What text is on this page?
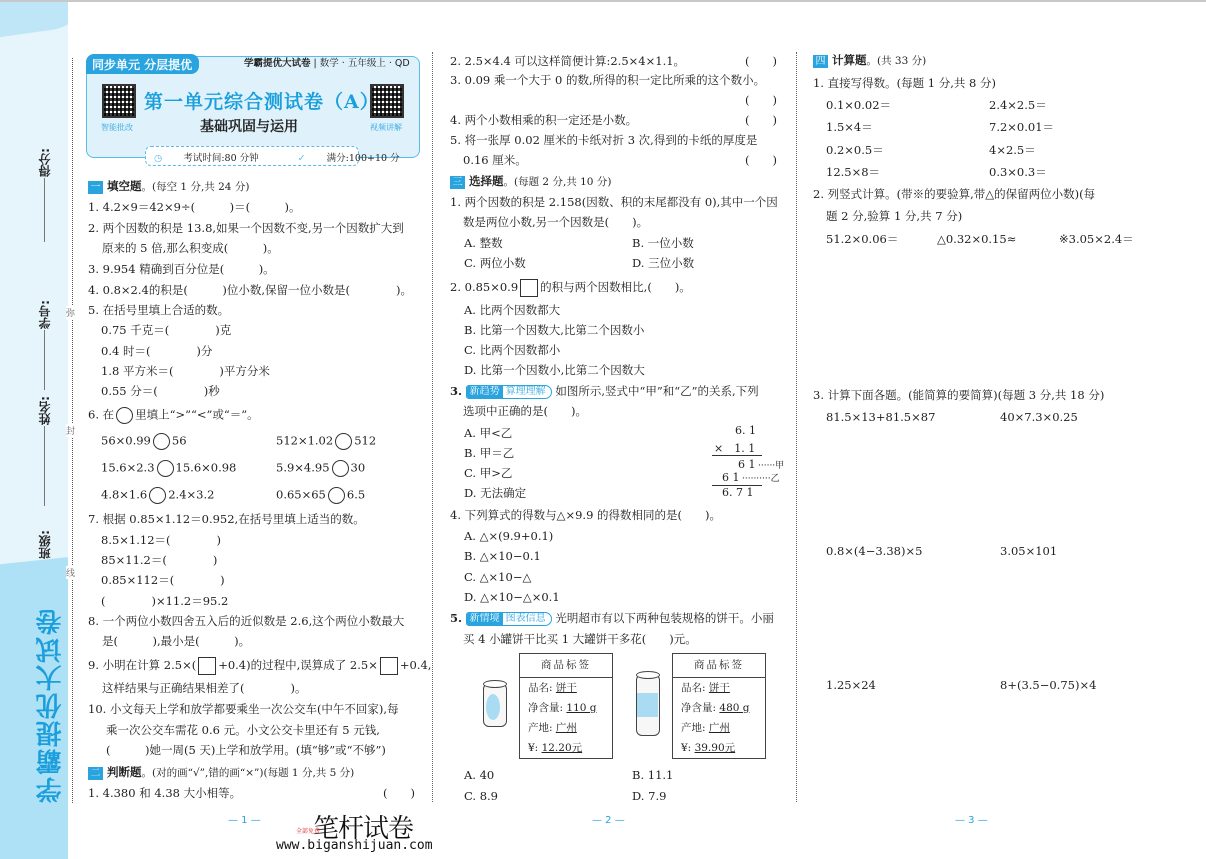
学霸提优大试卷
得分:
学号:
姓名:
班级:
弥
封
线
同步单元 分层提优	学霸提优大试卷 | 数学 · 五年级上 · QD
智能批改	视频讲解
第一单元综合测试卷（A）
基础巩固与运用
◷ 考试时间:80 分钟	✓ 满分:100+10 分
一 填空题。(每空 1 分,共 24 分)
1. 4.2×9＝42×9÷(　　　)＝(　　　)。
2. 两个因数的积是 13.8,如果一个因数不变,另一个因数扩大到
原来的 5 倍,那么积变成(　　　)。
3. 9.954 精确到百分位是(　　　)。
4. 0.8×2.4的积是(　　　)位小数,保留一位小数是(　　　　)。
5. 在括号里填上合适的数。
0.75 千克＝(　　　　)克
0.4 时＝(　　　　)分
1.8 平方米＝(　　　　)平方分米
0.55 分＝(　　　　)秒
6. 在 里填上“>”“<”或“＝”。
56×0.99 56	512×1.02 512
15.6×2.3 15.6×0.98	5.9×4.95 30
4.8×1.6 2.4×3.2	0.65×65 6.5
7. 根据 0.85×1.12＝0.952,在括号里填上适当的数。
8.5×1.12＝(　　　　)
85×11.2＝(　　　　)
0.85×112＝(　　　　)
(　　　　)×11.2＝95.2
8. 一个两位小数四舍五入后的近似数是 2.6,这个两位小数最大
是(　　　),最小是(　　　)。
9. 小明在计算 2.5×( +0.4)的过程中,误算成了 2.5× +0.4,
这样结果与正确结果相差了(　　　　)。
10. 小文每天上学和放学都要乘坐一次公交车(中午不回家),每
乘一次公交车需花 0.6 元。小文公交卡里还有 5 元钱,
(　　　)她一周(5 天)上学和放学用。(填“够”或“不够”)
二 判断题。(对的画“√”,错的画“×”)(每题 1 分,共 5 分)
1. 4.380 和 4.38 大小相等。	(　　)
2. 2.5×4.4 可以这样简便计算:2.5×4×1.1。	(　　)
3. 0.09 乘一个大于 0 的数,所得的积一定比所乘的这个数小。
(　　)
4. 两个小数相乘的积一定还是小数。	(　　)
5. 将一张厚 0.02 厘米的卡纸对折 3 次,得到的卡纸的厚度是
0.16 厘米。	(　　)
三 选择题。(每题 2 分,共 10 分)
1. 两个因数的积是 2.158(因数、积的末尾都没有 0),其中一个因
数是两位小数,另一个因数是(　　)。
A. 整数	B. 一位小数
C. 两位小数	D. 三位小数
2. 0.85×0.9 的积与两个因数相比,(　　)。
A. 比两个因数都大
B. 比第一个因数大,比第二个因数小
C. 比两个因数都小
D. 比第一个因数小,比第二个因数大
3. 新趋势 算理理解 如图所示,竖式中“甲”和“乙”的关系,下列
选项中正确的是(　　)。
A. 甲<乙
B. 甲＝乙
C. 甲>乙
D. 无法确定
6. 1
×　1. 1
6 1 ······甲
6 1 ··········乙
6. 7 1
4. 下列算式的得数与△×9.9 的得数相同的是(　　)。
A. △×(9.9+0.1)
B. △×10−0.1
C. △×10−△
D. △×10−△×0.1
5. 新情境 图表信息 光明超市有以下两种包装规格的饼干。小丽
买 4 小罐饼干比买 1 大罐饼干多花(　　)元。
商品标签
品名: 饼干
净含量: 110 g
产地: 广州
¥: 12.20元
商品标签
品名: 饼干
净含量: 480 g
产地: 广州
¥: 39.90元
A. 40	B. 11.1
C. 8.9	D. 7.9
四 计算题。(共 33 分)
1. 直接写得数。(每题 1 分,共 8 分)
0.1×0.02＝	2.4×2.5＝
1.5×4＝	7.2×0.01＝
0.2×0.5＝	4×2.5＝
12.5×8＝	0.3×0.3＝
2. 列竖式计算。(带※的要验算,带△的保留两位小数)(每
题 2 分,验算 1 分,共 7 分)
51.2×0.06＝	△0.32×0.15≈	※3.05×2.4＝
3. 计算下面各题。(能简算的要简算)(每题 3 分,共 18 分)
81.5×13+81.5×87	40×7.3×0.25
0.8×(4−3.38)×5	3.05×101
1.25×24	8+(3.5−0.75)×4
— 1 —	— 2 —	— 3 —
笔杆试卷
全部免费
www.biganshijuan.com
